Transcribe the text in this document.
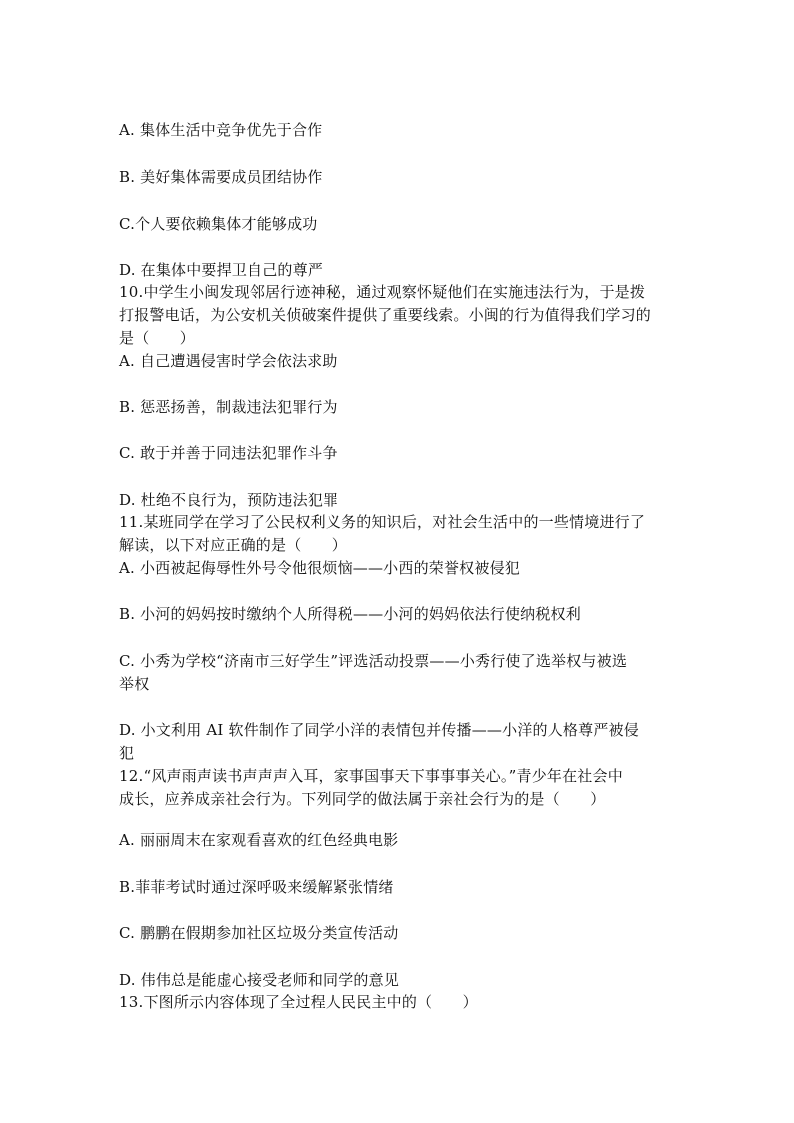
A. 集体生活中竞争优先于合作
B. 美好集体需要成员团结协作
C.个人要依赖集体才能够成功
D. 在集体中要捍卫自己的尊严
10.中学生小闽发现邻居行迹神秘，通过观察怀疑他们在实施违法行为，于是拨
打报警电话，为公安机关侦破案件提供了重要线索。小闽的行为值得我们学习的
是（　　）
A. 自己遭遇侵害时学会依法求助
B. 惩恶扬善，制裁违法犯罪行为
C. 敢于并善于同违法犯罪作斗争
D. 杜绝不良行为，预防违法犯罪
11.某班同学在学习了公民权利义务的知识后，对社会生活中的一些情境进行了
解读，以下对应正确的是（　　）
A. 小西被起侮辱性外号令他很烦恼——小西的荣誉权被侵犯
B. 小河的妈妈按时缴纳个人所得税——小河的妈妈依法行使纳税权利
C. 小秀为学校“济南市三好学生”评选活动投票——小秀行使了选举权与被选
举权
D. 小文利用 AI 软件制作了同学小洋的表情包并传播——小洋的人格尊严被侵
犯
12.“风声雨声读书声声声入耳，家事国事天下事事事关心。”青少年在社会中
成长，应养成亲社会行为。下列同学的做法属于亲社会行为的是（　　）
A. 丽丽周末在家观看喜欢的红色经典电影
B.菲菲考试时通过深呼吸来缓解紧张情绪
C. 鹏鹏在假期参加社区垃圾分类宣传活动
D. 伟伟总是能虚心接受老师和同学的意见
13.下图所示内容体现了全过程人民民主中的（　　）
